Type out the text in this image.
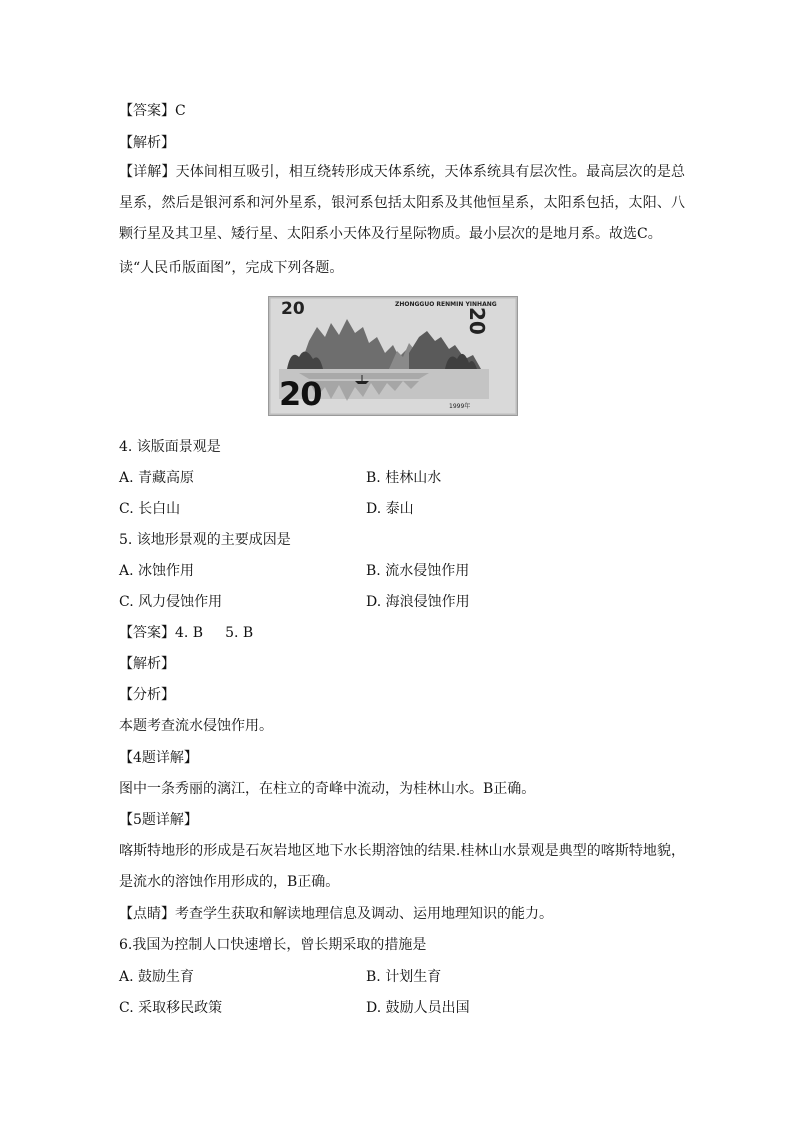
【答案】C
【解析】
【详解】天体间相互吸引，相互绕转形成天体系统，天体系统具有层次性。最高层次的是总星系，然后是银河系和河外星系，银河系包括太阳系及其他恒星系，太阳系包括，太阳、八颗行星及其卫星、矮行星、太阳系小天体及行星际物质。最小层次的是地月系。故选C。
读“人民币版面图”，完成下列各题。
20
20
ZHONGGUO RENMIN YINHANG
20
1999年
4. 该版面景观是
A. 青藏高原	B. 桂林山水
C. 长白山	D. 泰山
5. 该地形景观的主要成因是
A. 冰蚀作用	B. 流水侵蚀作用
C. 风力侵蚀作用	D. 海浪侵蚀作用
【答案】4. B 5. B
【解析】
【分析】
本题考查流水侵蚀作用。
【4题详解】
图中一条秀丽的漓江，在柱立的奇峰中流动，为桂林山水。B正确。
【5题详解】
喀斯特地形的形成是石灰岩地区地下水长期溶蚀的结果.桂林山水景观是典型的喀斯特地貌，是流水的溶蚀作用形成的，B正确。
【点睛】考查学生获取和解读地理信息及调动、运用地理知识的能力。
6.我国为控制人口快速增长，曾长期采取的措施是
A. 鼓励生育	B. 计划生育
C. 采取移民政策	D. 鼓励人员出国
